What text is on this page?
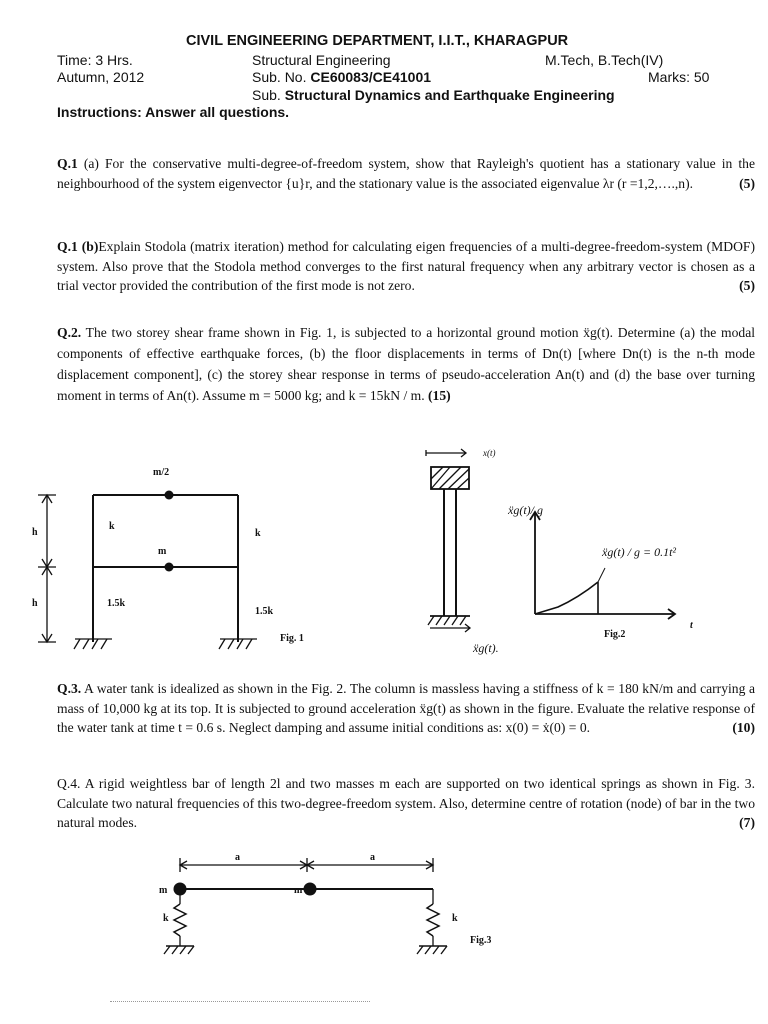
CIVIL ENGINEERING DEPARTMENT, I.I.T., KHARAGPUR
Time: 3 Hrs.	Structural Engineering	M.Tech, B.Tech(IV)
Autumn, 2012	Sub. No. CE60083/CE41001	Marks: 50
Sub. Structural Dynamics and Earthquake Engineering
Instructions: Answer all questions.
Q.1 (a) For the conservative multi-degree-of-freedom system, show that Rayleigh's quotient has a stationary value in the neighbourhood of the system eigenvector {u}r, and the stationary value is the associated eigenvalue λr (r =1,2,….,n).	(5)
Q.1 (b)Explain Stodola (matrix iteration) method for calculating eigen frequencies of a multi-degree-freedom-system (MDOF) system. Also prove that the Stodola method converges to the first natural frequency when any arbitrary vector is chosen as a trial vector provided the contribution of the first mode is not zero.	(5)
Q.2. The two storey shear frame shown in Fig. 1, is subjected to a horizontal ground motion ẍg(t). Determine (a) the modal components of effective earthquake forces, (b) the floor displacements in terms of Dn(t) [where Dn(t) is the n-th mode displacement component], (c) the storey shear response in terms of pseudo-acceleration An(t) and (d) the base over turning moment in terms of An(t). Assume m = 5000 kg; and k = 15kN / m. (15)
m/2
m
k
k
1.5k
1.5k
h
h
Fig. 1
x(t)
ẍg(t)/ g
ẍg(t) / g = 0.1t²
ẍg(t).
t
Fig.2
Q.3. A water tank is idealized as shown in the Fig. 2. The column is massless having a stiffness of k = 180 kN/m and carrying a mass of 10,000 kg at its top. It is subjected to ground acceleration ẍg(t) as shown in the figure. Evaluate the relative response of the water tank at time t = 0.6 s. Neglect damping and assume initial conditions as: x(0) = ẋ(0) = 0.	(10)
Q.4. A rigid weightless bar of length 2l and two masses m each are supported on two identical springs as shown in Fig. 3. Calculate two natural frequencies of this two-degree-freedom system. Also, determine centre of rotation (node) of bar in the two natural modes.	(7)
a	a
m	m
k	k
Fig.3
